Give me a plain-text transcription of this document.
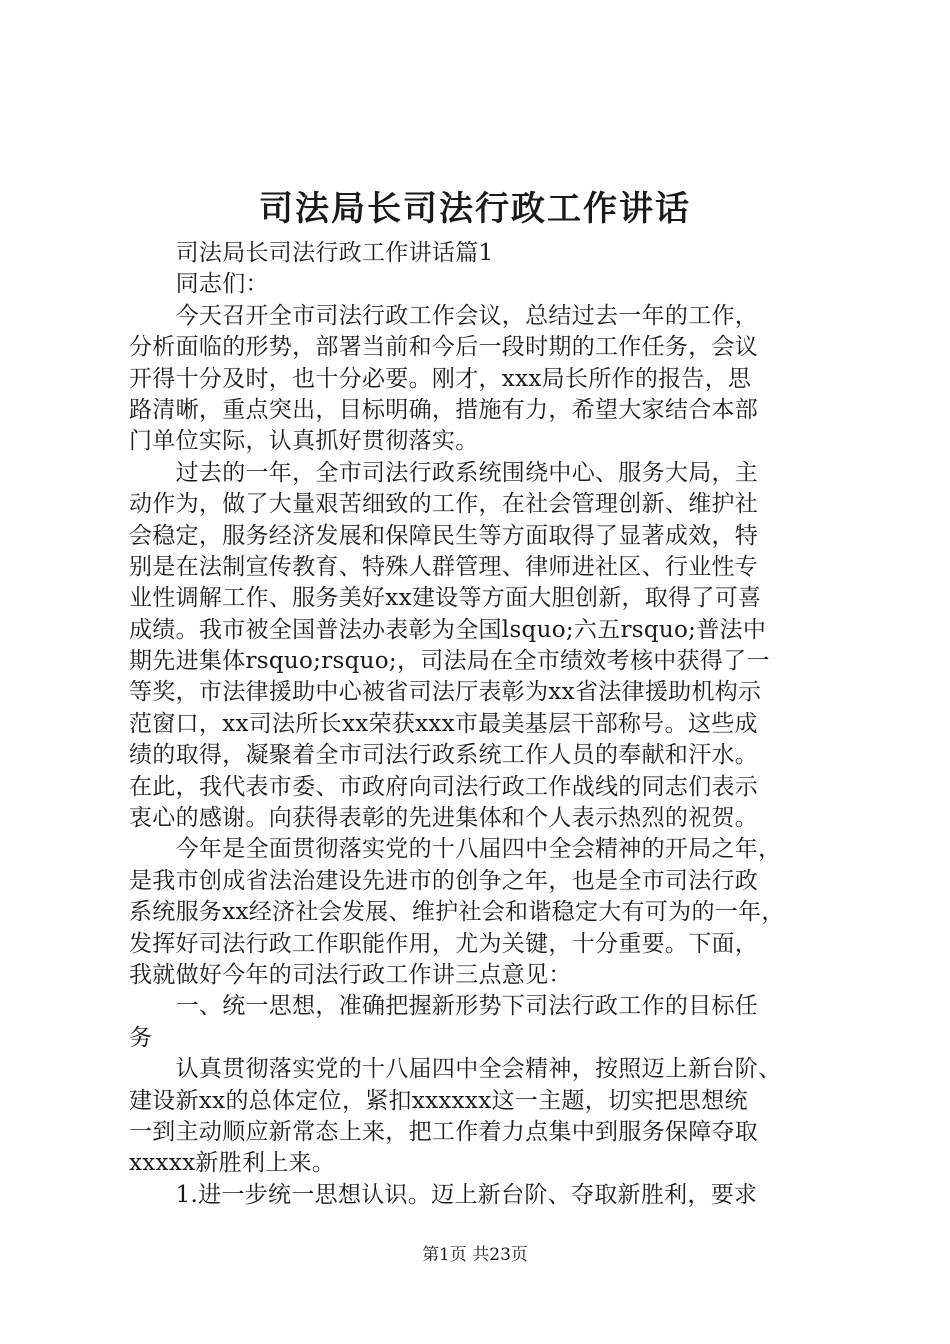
司法局长司法行政工作讲话
　　司法局长司法行政工作讲话篇1
　　同志们：
　　今天召开全市司法行政工作会议，总结过去一年的工作，
分析面临的形势，部署当前和今后一段时期的工作任务，会议
开得十分及时，也十分必要。刚才，xxx局长所作的报告，思
路清晰，重点突出，目标明确，措施有力，希望大家结合本部
门单位实际，认真抓好贯彻落实。
　　过去的一年，全市司法行政系统围绕中心、服务大局，主
动作为，做了大量艰苦细致的工作，在社会管理创新、维护社
会稳定，服务经济发展和保障民生等方面取得了显著成效，特
别是在法制宣传教育、特殊人群管理、律师进社区、行业性专
业性调解工作、服务美好xx建设等方面大胆创新，取得了可喜
成绩。我市被全国普法办表彰为全国lsquo;六五rsquo;普法中
期先进集体rsquo;rsquo;，司法局在全市绩效考核中获得了一
等奖，市法律援助中心被省司法厅表彰为xx省法律援助机构示
范窗口，xx司法所长xx荣获xxx市最美基层干部称号。这些成
绩的取得，凝聚着全市司法行政系统工作人员的奉献和汗水。
在此，我代表市委、市政府向司法行政工作战线的同志们表示
衷心的感谢。向获得表彰的先进集体和个人表示热烈的祝贺。
　　今年是全面贯彻落实党的十八届四中全会精神的开局之年，
是我市创成省法治建设先进市的创争之年，也是全市司法行政
系统服务xx经济社会发展、维护社会和谐稳定大有可为的一年，
发挥好司法行政工作职能作用，尤为关键，十分重要。下面，
我就做好今年的司法行政工作讲三点意见：
　　一、统一思想，准确把握新形势下司法行政工作的目标任
务
　　认真贯彻落实党的十八届四中全会精神，按照迈上新台阶、
建设新xx的总体定位，紧扣xxxxxx这一主题，切实把思想统
一到主动顺应新常态上来，把工作着力点集中到服务保障夺取
xxxxx新胜利上来。
　　1.进一步统一思想认识。迈上新台阶、夺取新胜利，要求
第1页 共23页
